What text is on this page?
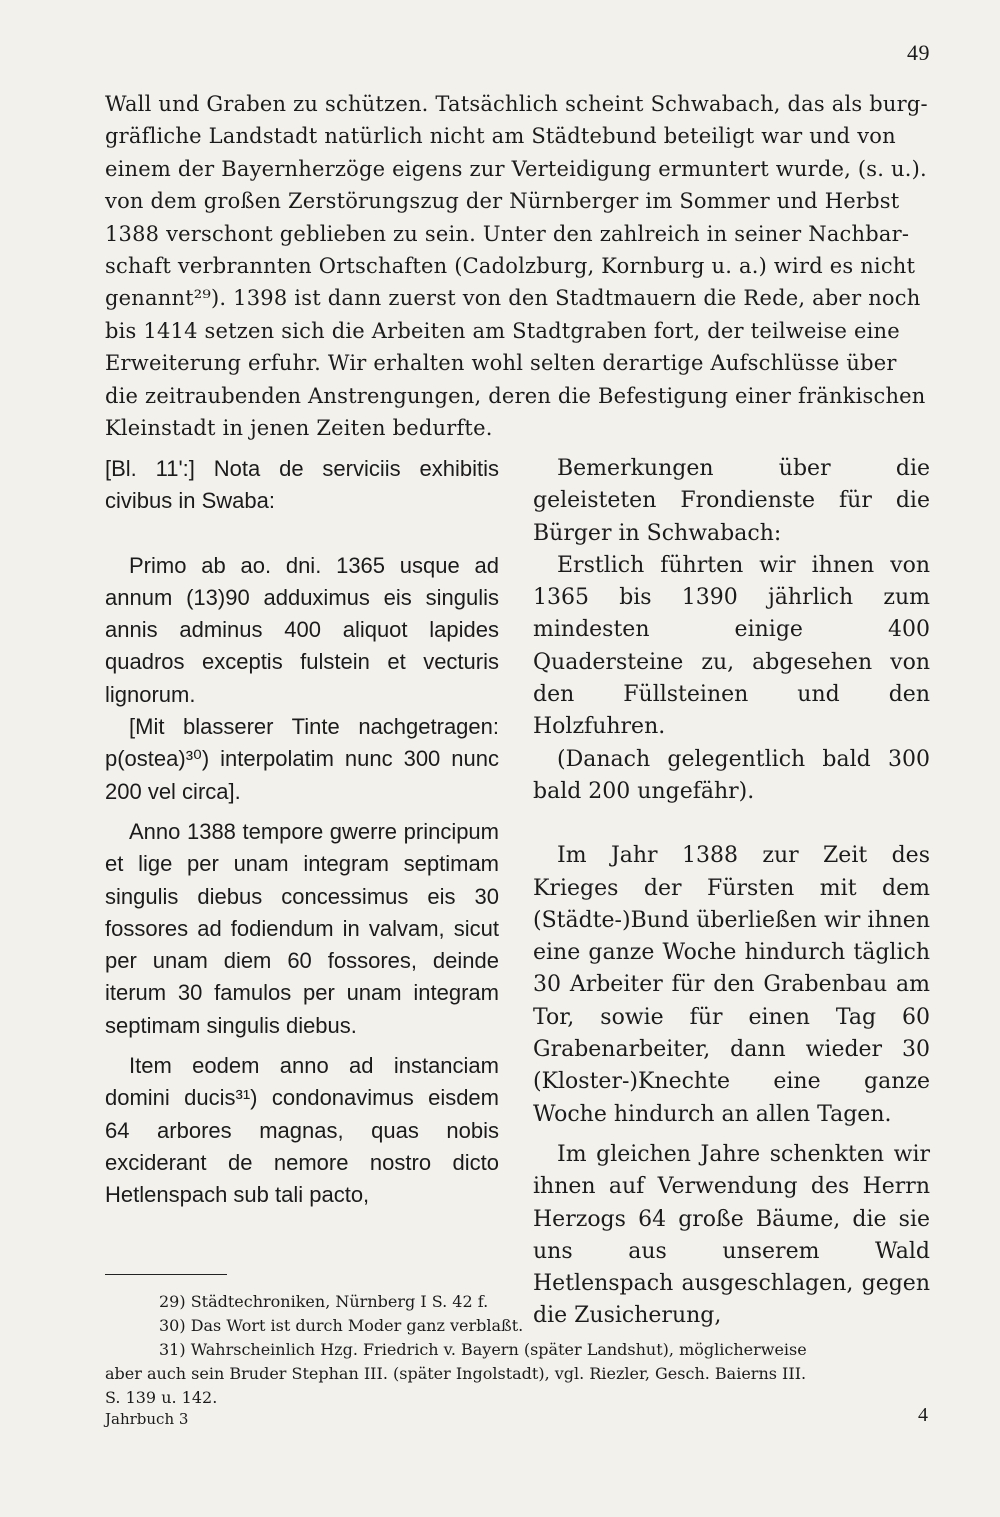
49

Wall und Graben zu schützen. Tatsächlich scheint Schwabach, das als burg-

gräfliche Landstadt natürlich nicht am Städtebund beteiligt war und von

einem der Bayernherzöge eigens zur Verteidigung ermuntert wurde, (s. u.).

von dem großen Zerstörungszug der Nürnberger im Sommer und Herbst

1388 verschont geblieben zu sein. Unter den zahlreich in seiner Nachbar-

schaft verbrannten Ortschaften (Cadolzburg, Kornburg u. a.) wird es nicht

genannt²⁹). 1398 ist dann zuerst von den Stadtmauern die Rede, aber noch

bis 1414 setzen sich die Arbeiten am Stadtgraben fort, der teilweise eine

Erweiterung erfuhr. Wir erhalten wohl selten derartige Aufschlüsse über

die zeitraubenden Anstrengungen, deren die Befestigung einer fränkischen

Kleinstadt in jenen Zeiten bedurfte.

[Bl. 11':] Nota de serviciis exhibitis civibus in Swaba:

Primo ab ao. dni. 1365 usque ad annum (13)90 adduximus eis singulis annis adminus 400 aliquot lapides quadros exceptis fulstein et vecturis lignorum.

[Mit blasserer Tinte nachgetragen: p(ostea)³⁰) interpolatim nunc 300 nunc 200 vel circa].

Anno 1388 tempore gwerre principum et lige per unam integram septimam singulis diebus concessimus eis 30 fossores ad fodiendum in valvam, sicut per unam diem 60 fossores, deinde iterum 30 famulos per unam integram septimam singulis diebus.

Item eodem anno ad instanciam domini ducis³¹) condonavimus eisdem 64 arbores magnas, quas nobis exciderant de nemore nostro dicto Hetlenspach sub tali pacto,

Bemerkungen über die geleisteten Frondienste für die Bürger in Schwabach:

Erstlich führten wir ihnen von 1365 bis 1390 jährlich zum mindesten einige 400 Quadersteine zu, abgesehen von den Füllsteinen und den Holzfuhren.

(Danach gelegentlich bald 300 bald 200 ungefähr).

Im Jahr 1388 zur Zeit des Krieges der Fürsten mit dem (Städte-)Bund überließen wir ihnen eine ganze Woche hindurch täglich 30 Arbeiter für den Grabenbau am Tor, sowie für einen Tag 60 Grabenarbeiter, dann wieder 30 (Kloster-)Knechte eine ganze Woche hindurch an allen Tagen.

Im gleichen Jahre schenkten wir ihnen auf Verwendung des Herrn Herzogs 64 große Bäume, die sie uns aus unserem Wald Hetlenspach ausgeschlagen, gegen die Zusicherung,

29) Städtechroniken, Nürnberg I S. 42 f.

30) Das Wort ist durch Moder ganz verblaßt.

31) Wahrscheinlich Hzg. Friedrich v. Bayern (später Landshut), möglicherweise

aber auch sein Bruder Stephan III. (später Ingolstadt), vgl. Riezler, Gesch. Baierns III.

S. 139 u. 142.

Jahrbuch 3	4
